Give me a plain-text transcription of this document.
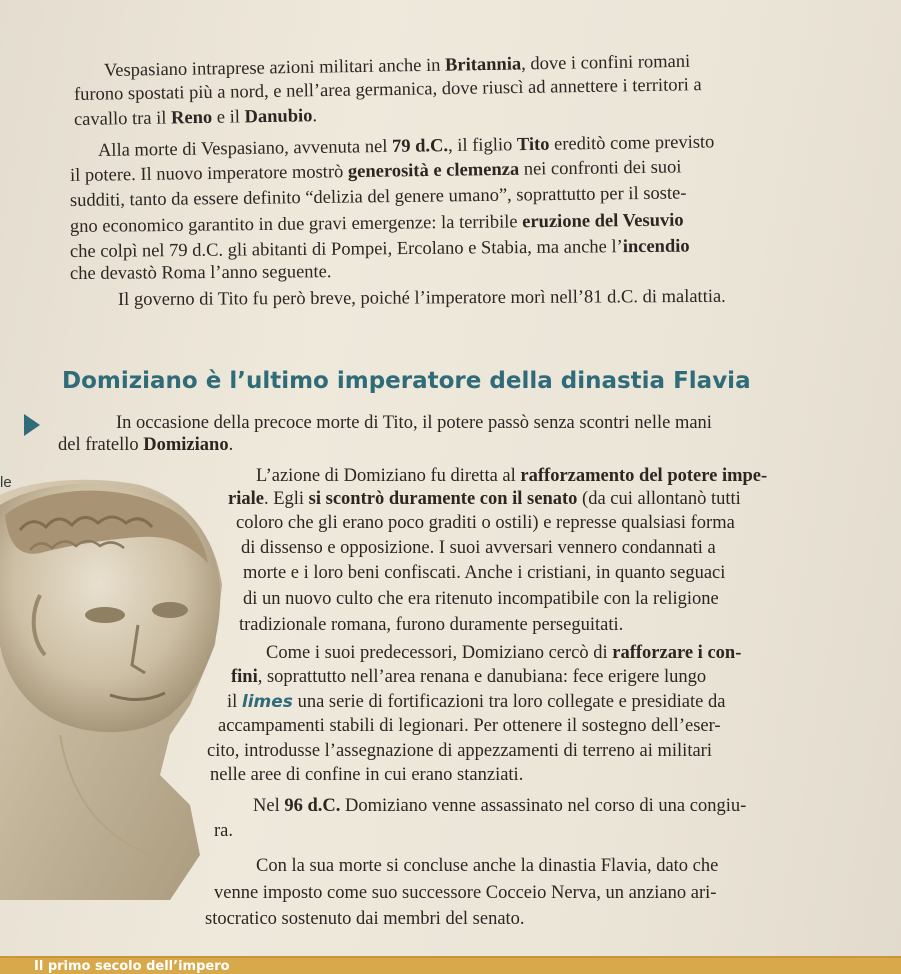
Vespasiano intraprese azioni militari anche in Britannia, dove i confini romani
furono spostati più a nord, e nell’area germanica, dove riuscì ad annettere i territori a
cavallo tra il Reno e il Danubio.
Alla morte di Vespasiano, avvenuta nel 79 d.C., il figlio Tito ereditò come previsto
il potere. Il nuovo imperatore mostrò generosità e clemenza nei confronti dei suoi
sudditi, tanto da essere definito “delizia del genere umano”, soprattutto per il soste-
gno economico garantito in due gravi emergenze: la terribile eruzione del Vesuvio
che colpì nel 79 d.C. gli abitanti di Pompei, Ercolano e Stabia, ma anche l’incendio
che devastò Roma l’anno seguente.
Il governo di Tito fu però breve, poiché l’imperatore morì nell’81 d.C. di malattia.
Domiziano è l’ultimo imperatore della dinastia Flavia
In occasione della precoce morte di Tito, il potere passò senza scontri nelle mani
del fratello Domiziano.
le	L’azione di Domiziano fu diretta al rafforzamento del potere impe-
riale. Egli si scontrò duramente con il senato (da cui allontanò tutti
coloro che gli erano poco graditi o ostili) e represse qualsiasi forma
di dissenso e opposizione. I suoi avversari vennero condannati a
morte e i loro beni confiscati. Anche i cristiani, in quanto seguaci
di un nuovo culto che era ritenuto incompatibile con la religione
tradizionale romana, furono duramente perseguitati.
Come i suoi predecessori, Domiziano cercò di rafforzare i con-
fini, soprattutto nell’area renana e danubiana: fece erigere lungo
il limes una serie di fortificazioni tra loro collegate e presidiate da
accampamenti stabili di legionari. Per ottenere il sostegno dell’eser-
cito, introdusse l’assegnazione di appezzamenti di terreno ai militari
nelle aree di confine in cui erano stanziati.
Nel 96 d.C. Domiziano venne assassinato nel corso di una congiu-
ra.
Con la sua morte si concluse anche la dinastia Flavia, dato che
venne imposto come suo successore Cocceio Nerva, un anziano ari-
stocratico sostenuto dai membri del senato.
Il primo secolo dell’impero
